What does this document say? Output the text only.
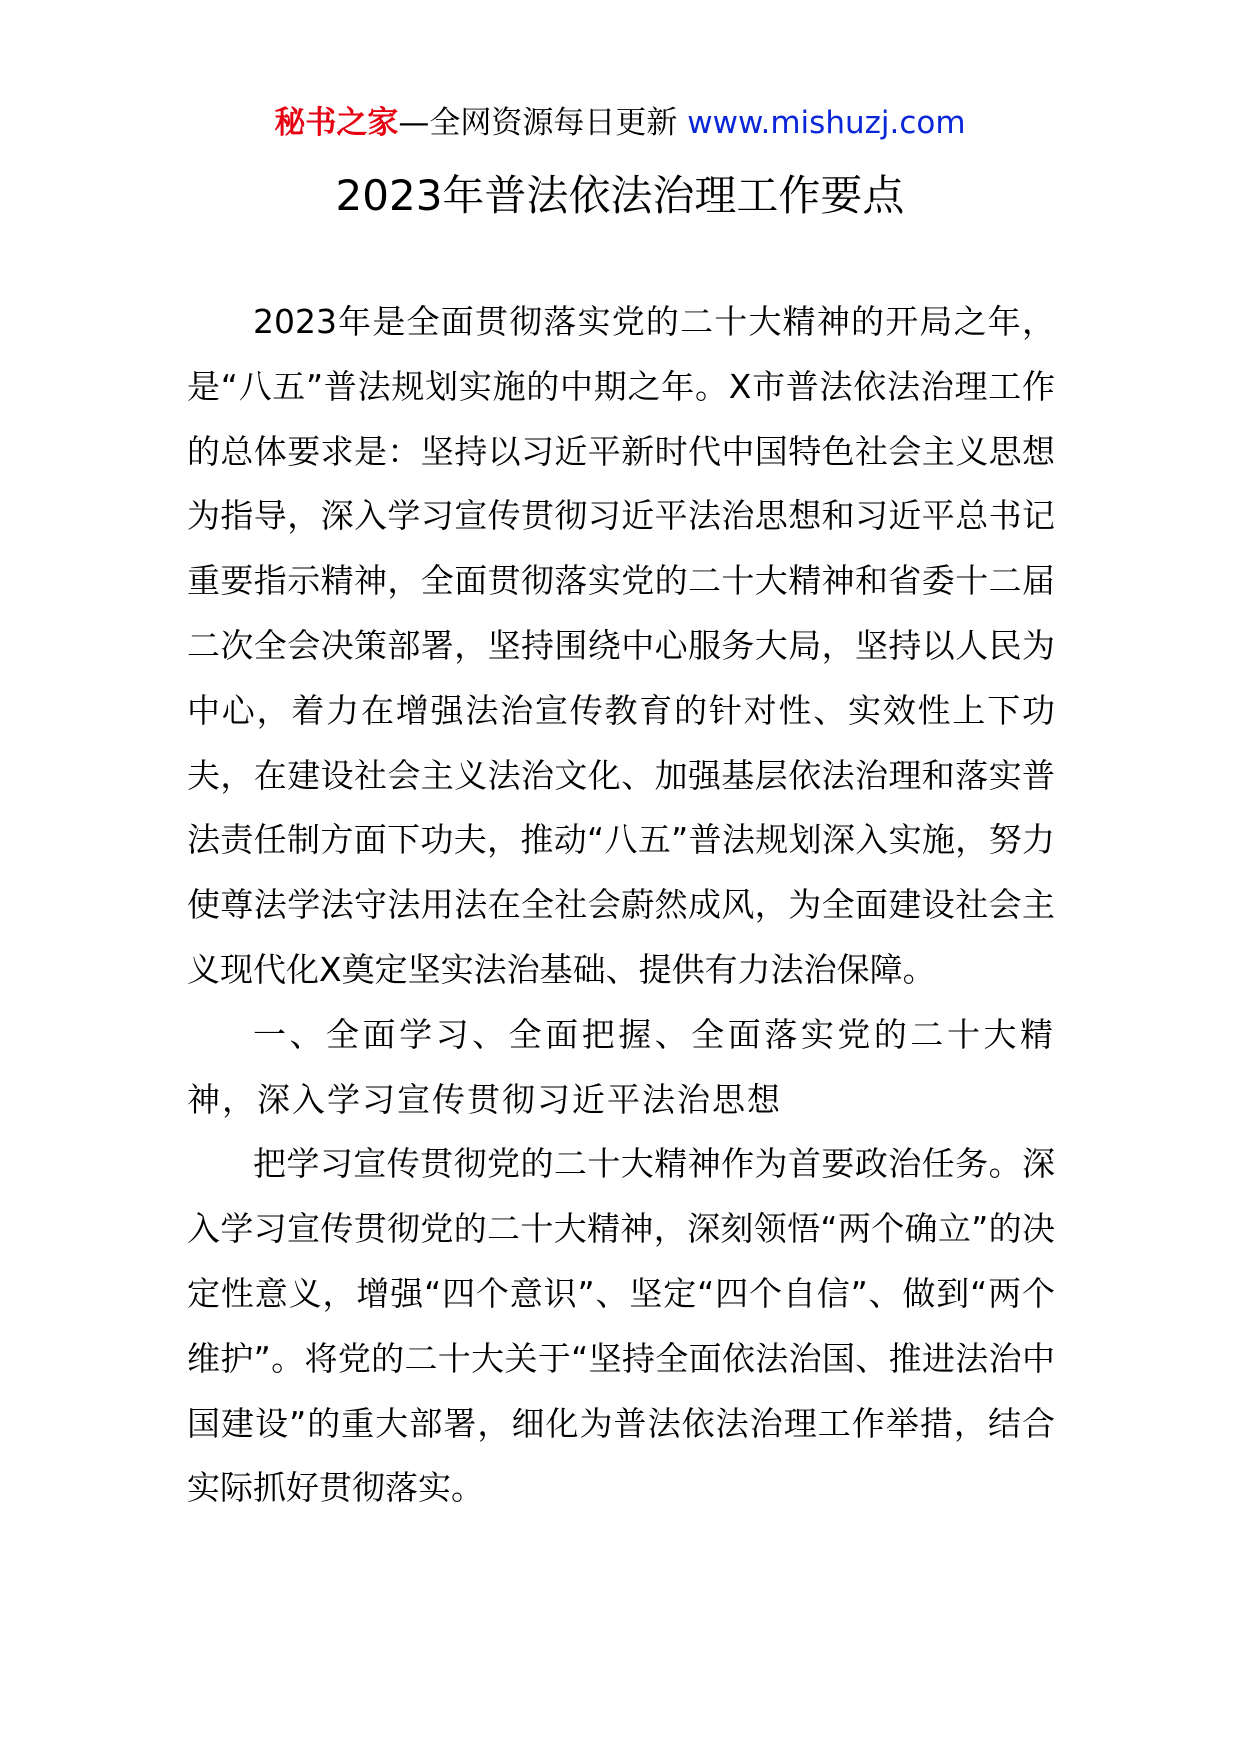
秘书之家—全网资源每日更新 www.mishuzj.com
2023年普法依法治理工作要点

2023年是全面贯彻落实党的二十大精神的开局之年，是“八五”普法规划实施的中期之年。X市普法依法治理工作的总体要求是：坚持以习近平新时代中国特色社会主义思想为指导，深入学习宣传贯彻习近平法治思想和习近平总书记重要指示精神，全面贯彻落实党的二十大精神和省委十二届二次全会决策部署，坚持围绕中心服务大局，坚持以人民为中心，着力在增强法治宣传教育的针对性、实效性上下功夫，在建设社会主义法治文化、加强基层依法治理和落实普法责任制方面下功夫，推动“八五”普法规划深入实施，努力使尊法学法守法用法在全社会蔚然成风，为全面建设社会主义现代化X奠定坚实法治基础、提供有力法治保障。

一、全面学习、全面把握、全面落实党的二十大精神，深入学习宣传贯彻习近平法治思想

把学习宣传贯彻党的二十大精神作为首要政治任务。深入学习宣传贯彻党的二十大精神，深刻领悟“两个确立”的决定性意义，增强“四个意识”、坚定“四个自信”、做到“两个维护”。将党的二十大关于“坚持全面依法治国、推进法治中国建设”的重大部署，细化为普法依法治理工作举措，结合实际抓好贯彻落实。
